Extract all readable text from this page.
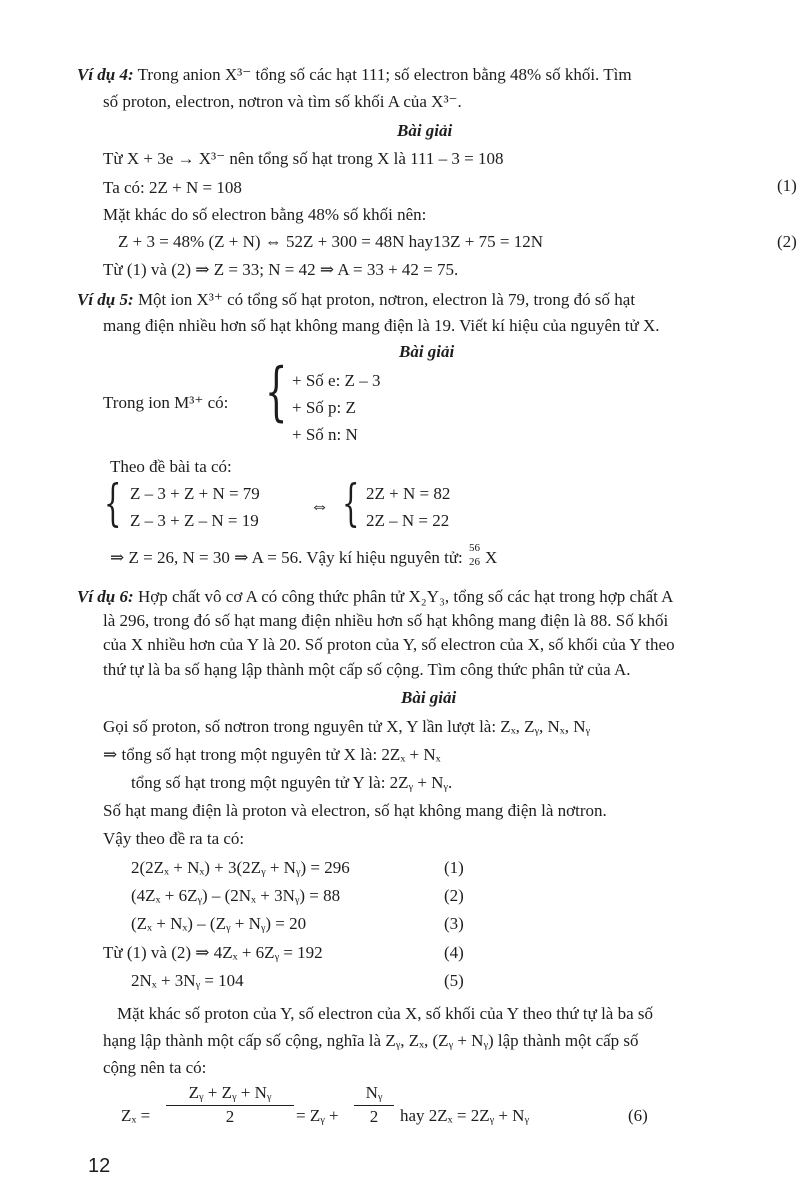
Ví dụ 4: Trong anion X³⁻ tổng số các hạt 111; số electron bằng 48% số khối. Tìm
số proton, electron, nơtron và tìm số khối A của X³⁻.
Bài giải
Từ X + 3e → X³⁻ nên tổng số hạt trong X là 111 – 3 = 108
Ta có: 2Z + N = 108	(1)
Mặt khác do số electron bằng 48% số khối nên:
Z + 3 = 48% (Z + N) ⇔ 52Z + 300 = 48N hay13Z + 75 = 12N	(2)
Từ (1) và (2) ⇒ Z = 33; N = 42 ⇒ A = 33 + 42 = 75.
Ví dụ 5: Một ion X³⁺ có tổng số hạt proton, nơtron, electron là 79, trong đó số hạt
mang điện nhiều hơn số hạt không mang điện là 19. Viết kí hiệu của nguyên tử X.
Bài giải
Trong ion M³⁺ có: { + Số e: Z – 3
+ Số p: Z
+ Số n: N
Theo đề bài ta có:
{ Z – 3 + Z + N = 79
Z – 3 + Z – N = 19
⇔ { 2Z + N = 82
2Z – N = 22
⇒ Z = 26, N = 30 ⇒ A = 56. Vậy kí hiệu nguyên tử: 56
26 X
Ví dụ 6: Hợp chất vô cơ A có công thức phân tử X₂Y₃, tổng số các hạt trong hợp chất A
là 296, trong đó số hạt mang điện nhiều hơn số hạt không mang điện là 88. Số khối
của X nhiều hơn của Y là 20. Số proton của Y, số electron của X, số khối của Y theo
thứ tự là ba số hạng lập thành một cấp số cộng. Tìm công thức phân tử của A.
Bài giải
Gọi số proton, số nơtron trong nguyên tử X, Y lần lượt là: Zₓ, Zᵧ, Nₓ, Nᵧ
⇒ tổng số hạt trong một nguyên tử X là: 2Zₓ + Nₓ
tổng số hạt trong một nguyên tử Y là: 2Zᵧ + Nᵧ.
Số hạt mang điện là proton và electron, số hạt không mang điện là nơtron.
Vậy theo đề ra ta có:
2(2Zₓ + Nₓ) + 3(2Zᵧ + Nᵧ) = 296	(1)
(4Zₓ + 6Zᵧ) – (2Nₓ + 3Nᵧ) = 88	(2)
(Zₓ + Nₓ) – (Zᵧ + Nᵧ) = 20	(3)
Từ (1) và (2) ⇒ 4Zₓ + 6Zᵧ = 192	(4)
2Nₓ + 3Nᵧ = 104	(5)
Mặt khác số proton của Y, số electron của X, số khối của Y theo thứ tự là ba số
hạng lập thành một cấp số cộng, nghĩa là Zᵧ, Zₓ, (Zᵧ + Nᵧ) lập thành một cấp số
cộng nên ta có:
$Z_x = \frac{\text{Zᵧ + Zᵧ + Nᵧ}}{2}$ = Zᵧ + $\frac{\text{Nᵧ}}{2}$ hay 2Zₓ = 2Zᵧ + Nᵧ	(6)
12
